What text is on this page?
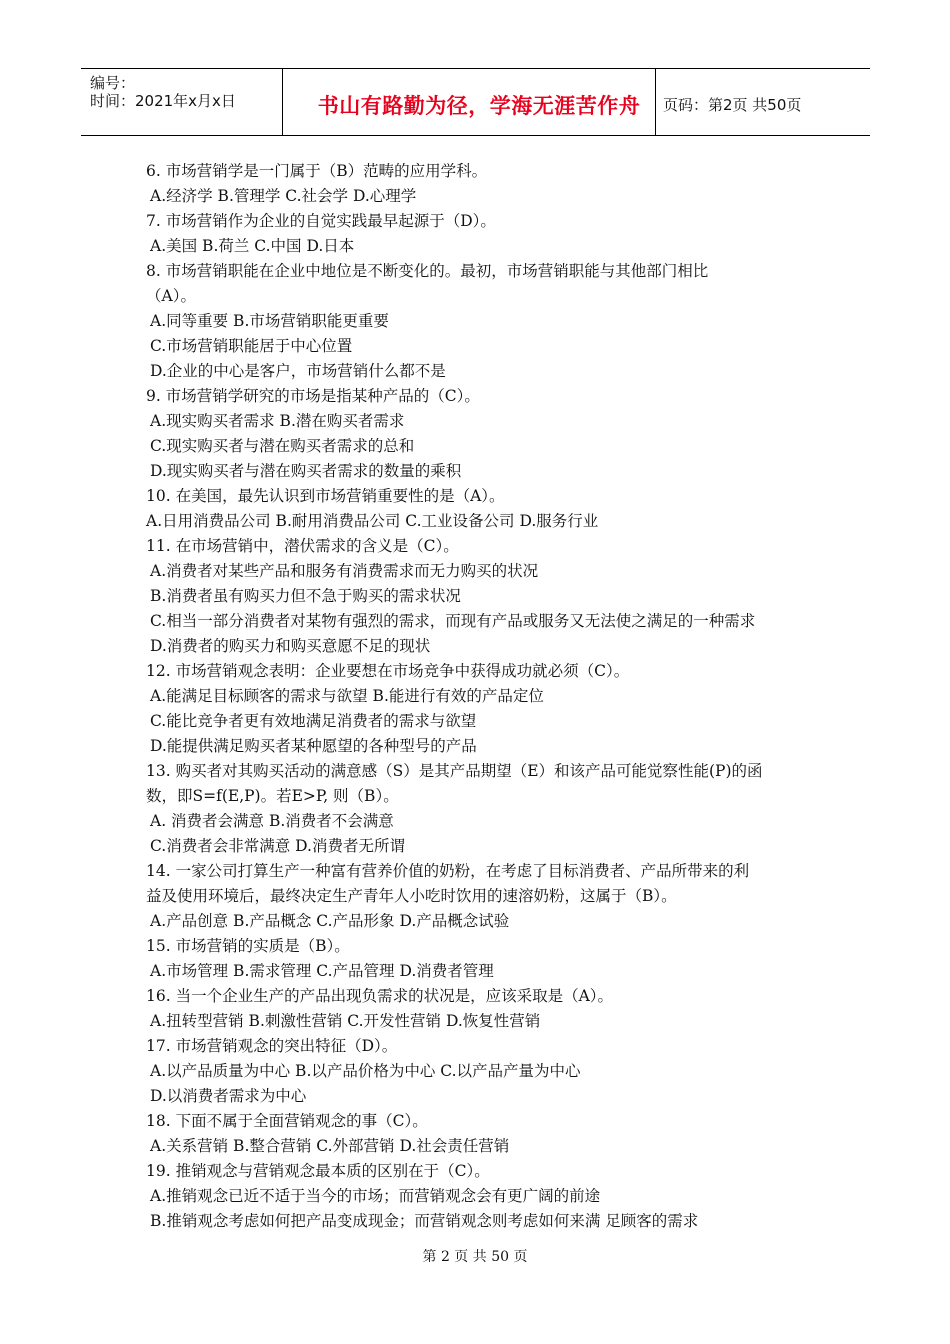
编号：
时间：2021年x月x日	书山有路勤为径，学海无涯苦作舟	页码：第2页 共50页
6. 市场营销学是一门属于（B）范畴的应用学科。
A.经济学 B.管理学 C.社会学 D.心理学
7. 市场营销作为企业的自觉实践最早起源于（D）。
A.美国 B.荷兰 C.中国 D.日本
8. 市场营销职能在企业中地位是不断变化的。最初，市场营销职能与其他部门相比
（A）。
A.同等重要 B.市场营销职能更重要
C.市场营销职能居于中心位置
D.企业的中心是客户，市场营销什么都不是
9. 市场营销学研究的市场是指某种产品的（C）。
A.现实购买者需求 B.潜在购买者需求
C.现实购买者与潜在购买者需求的总和
D.现实购买者与潜在购买者需求的数量的乘积
10. 在美国，最先认识到市场营销重要性的是（A）。
A.日用消费品公司 B.耐用消费品公司 C.工业设备公司 D.服务行业
11. 在市场营销中，潜伏需求的含义是（C）。
A.消费者对某些产品和服务有消费需求而无力购买的状况
B.消费者虽有购买力但不急于购买的需求状况
C.相当一部分消费者对某物有强烈的需求，而现有产品或服务又无法使之满足的一种需求
D.消费者的购买力和购买意愿不足的现状
12. 市场营销观念表明：企业要想在市场竞争中获得成功就必须（C）。
A.能满足目标顾客的需求与欲望 B.能进行有效的产品定位
C.能比竞争者更有效地满足消费者的需求与欲望
D.能提供满足购买者某种愿望的各种型号的产品
13. 购买者对其购买活动的满意感（S）是其产品期望（E）和该产品可能觉察性能(P)的函
数，即S=f(E,P)。若E>P, 则（B）。
A. 消费者会满意 B.消费者不会满意
C.消费者会非常满意 D.消费者无所谓
14. 一家公司打算生产一种富有营养价值的奶粉，在考虑了目标消费者、产品所带来的利
益及使用环境后，最终决定生产青年人小吃时饮用的速溶奶粉，这属于（B）。
A.产品创意 B.产品概念 C.产品形象 D.产品概念试验
15. 市场营销的实质是（B）。
A.市场管理 B.需求管理 C.产品管理 D.消费者管理
16. 当一个企业生产的产品出现负需求的状况是，应该采取是（A）。
A.扭转型营销 B.刺激性营销 C.开发性营销 D.恢复性营销
17. 市场营销观念的突出特征（D）。
A.以产品质量为中心 B.以产品价格为中心 C.以产品产量为中心
D.以消费者需求为中心
18. 下面不属于全面营销观念的事（C）。
A.关系营销 B.整合营销 C.外部营销 D.社会责任营销
19. 推销观念与营销观念最本质的区别在于（C）。
A.推销观念已近不适于当今的市场；而营销观念会有更广阔的前途
B.推销观念考虑如何把产品变成现金；而营销观念则考虑如何来满 足顾客的需求
第 2 页 共 50 页
